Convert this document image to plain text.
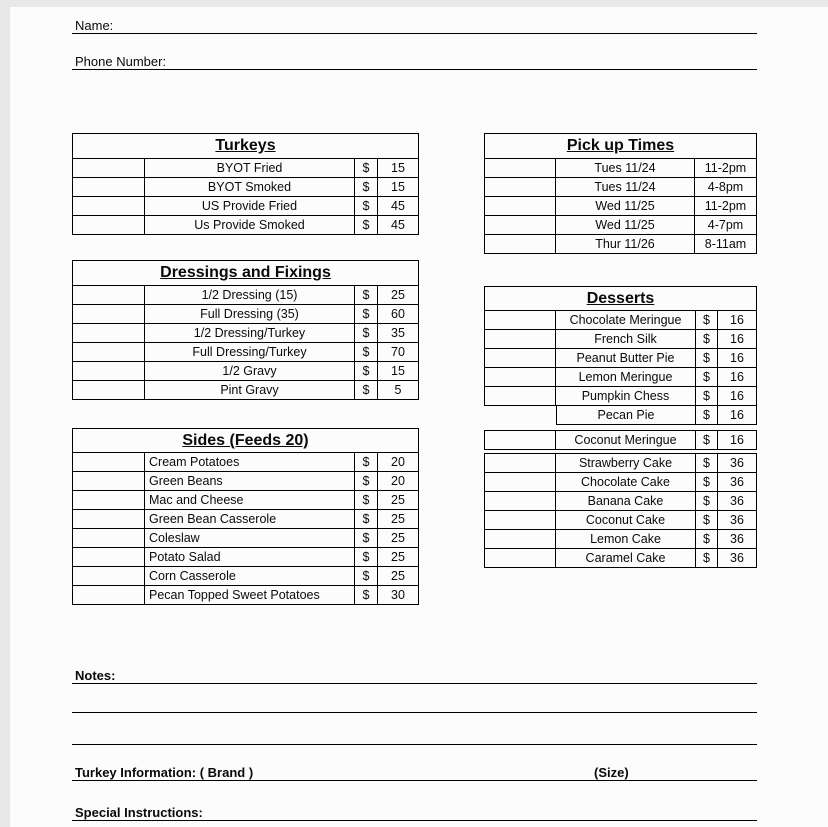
Name:
Phone Number:
Turkeys
BYOT Fried	$	15
BYOT Smoked	$	15
US Provide Fried	$	45
Us Provide Smoked	$	45
Pick up Times
Tues 11/24	11-2pm
Tues 11/24	4-8pm
Wed 11/25	11-2pm
Wed 11/25	4-7pm
Thur 11/26	8-11am
Dressings and Fixings
1/2 Dressing (15)	$	25
Full Dressing (35)	$	60
1/2 Dressing/Turkey	$	35
Full Dressing/Turkey	$	70
1/2 Gravy	$	15
Pint Gravy	$	5
Desserts
Chocolate Meringue	$	16
French Silk	$	16
Peanut Butter Pie	$	16
Lemon Meringue	$	16
Pumpkin Chess	$	16
Pecan Pie	$	16
Coconut Meringue	$	16
Strawberry Cake	$	36
Chocolate Cake	$	36
Banana Cake	$	36
Coconut Cake	$	36
Lemon Cake	$	36
Caramel Cake	$	36
Sides (Feeds 20)
Cream Potatoes	$	20
Green Beans	$	20
Mac and Cheese	$	25
Green Bean Casserole	$	25
Coleslaw	$	25
Potato Salad	$	25
Corn Casserole	$	25
Pecan Topped Sweet Potatoes	$	30
Notes:
Turkey Information: ( Brand )	(Size)
Special Instructions:
